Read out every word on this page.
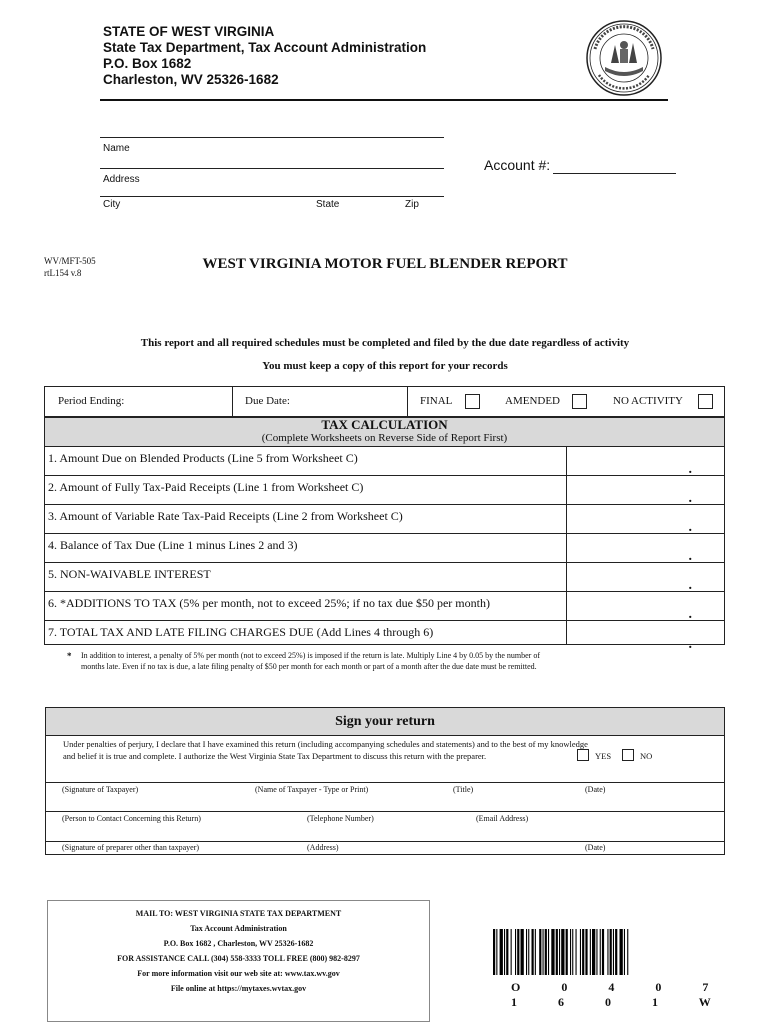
STATE OF WEST VIRGINIA
State Tax Department, Tax Account Administration
P.O. Box 1682
Charleston, WV 25326-1682
Name
Address
City	State	Zip
Account #:
WV/MFT-505
rtL154 v.8
WEST VIRGINIA MOTOR FUEL BLENDER REPORT
This report and all required schedules must be completed and filed by the due date regardless of activity
You must keep a copy of this report for your records
Period Ending:	Due Date:	FINAL	AMENDED	NO ACTIVITY
TAX CALCULATION
(Complete Worksheets on Reverse Side of Report First)
1. Amount Due on Blended Products (Line 5 from Worksheet C)
.
2. Amount of Fully Tax-Paid Receipts (Line 1 from Worksheet C)
.
3. Amount of Variable Rate Tax-Paid Receipts (Line 2 from Worksheet C)
.
4. Balance of Tax Due (Line 1 minus Lines 2 and 3)
.
5. NON-WAIVABLE INTEREST
.
6. *ADDITIONS TO TAX (5% per month, not to exceed 25%; if no tax due $50 per month)
.
7. TOTAL TAX AND LATE FILING CHARGES DUE (Add Lines 4 through 6)
.
* In addition to interest, a penalty of 5% per month (not to exceed 25%) is imposed if the return is late. Multiply Line 4 by 0.05 by the number of
months late. Even if no tax is due, a late filing penalty of $50 per month for each month or part of a month after the due date must be remitted.
Sign your return
Under penalties of perjury, I declare that I have examined this return (including accompanying schedules and statements) and to the best of my knowledge
and belief it is true and complete. I authorize the West Virginia State Tax Department to discuss this return with the preparer.	YES	NO
(Signature of Taxpayer)	(Name of Taxpayer - Type or Print)	(Title)	(Date)
(Person to Contact Concerning this Return)	(Telephone Number)	(Email Address)
(Signature of preparer other than taxpayer)	(Address)	(Date)
MAIL TO: WEST VIRGINIA STATE TAX DEPARTMENT
Tax Account Administration
P.O. Box 1682 , Charleston, WV 25326-1682
FOR ASSISTANCE CALL (304) 558-3333 TOLL FREE (800) 982-8297
For more information visit our web site at: www.tax.wv.gov
File online at https://mytaxes.wvtax.gov	O 0 4 0 7 1 6 0 1 W
